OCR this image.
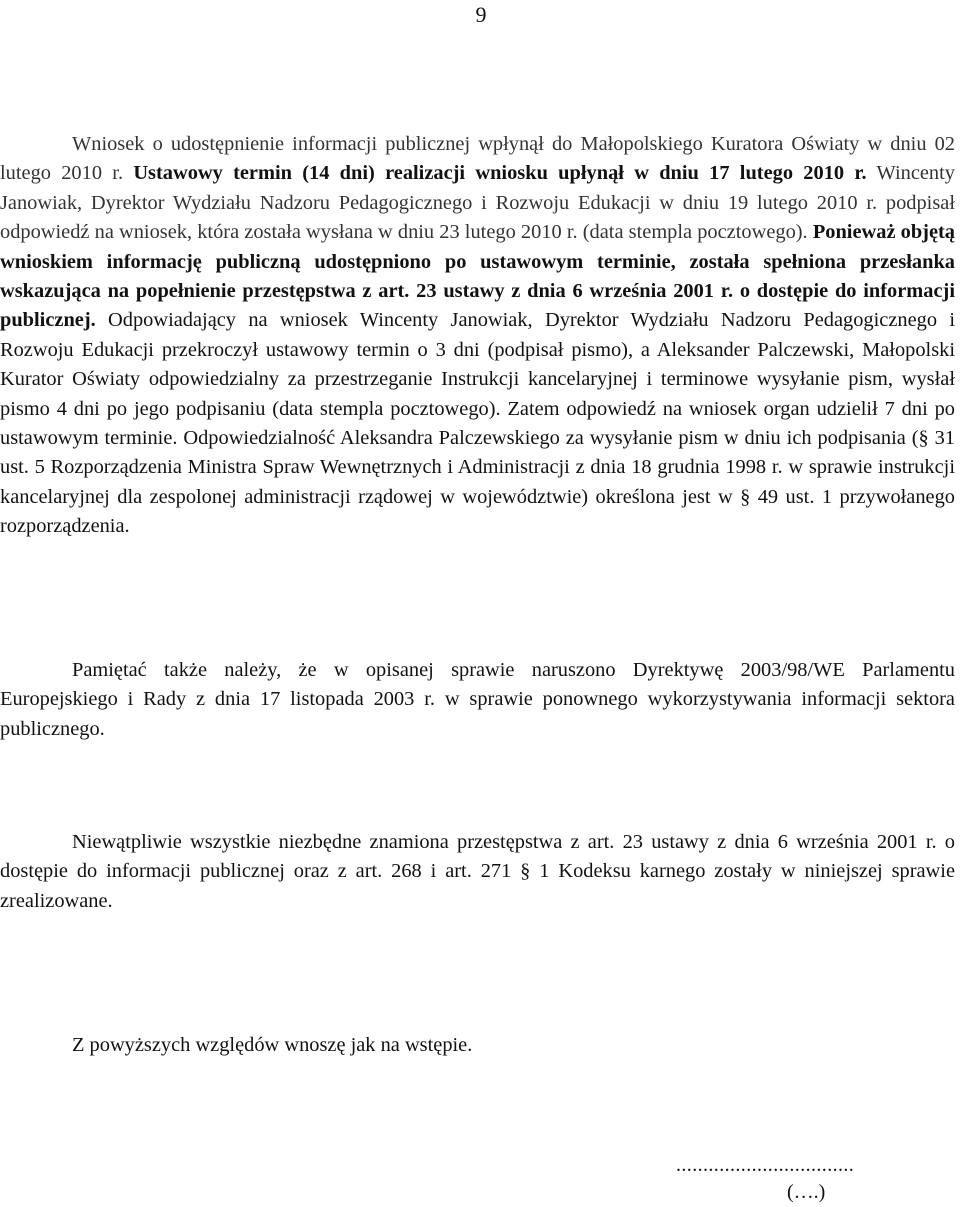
9

Wniosek o udostępnienie informacji publicznej wpłynął do Małopolskiego Kuratora Oświaty w dniu 02 lutego 2010 r. Ustawowy termin (14 dni) realizacji wniosku upłynął w dniu 17 lutego 2010 r. Wincenty Janowiak, Dyrektor Wydziału Nadzoru Pedagogicznego i Rozwoju Edukacji w dniu 19 lutego 2010 r. podpisał odpowiedź na wniosek, która została wysłana w dniu 23 lutego 2010 r. (data stempla pocztowego). Ponieważ objętą wnioskiem informację publiczną udostępniono po ustawowym terminie, została spełniona przesłanka wskazująca na popełnienie przestępstwa z art. 23 ustawy z dnia 6 września 2001 r. o dostępie do informacji publicznej. Odpowiadający na wniosek Wincenty Janowiak, Dyrektor Wydziału Nadzoru Pedagogicznego i Rozwoju Edukacji przekroczył ustawowy termin o 3 dni (podpisał pismo), a Aleksander Palczewski, Małopolski Kurator Oświaty odpowiedzialny za przestrzeganie Instrukcji kancelaryjnej i terminowe wysyłanie pism, wysłał pismo 4 dni po jego podpisaniu (data stempla pocztowego). Zatem odpowiedź na wniosek organ udzielił 7 dni po ustawowym terminie. Odpowiedzialność Aleksandra Palczewskiego za wysyłanie pism w dniu ich podpisania (§ 31 ust. 5 Rozporządzenia Ministra Spraw Wewnętrznych i Administracji z dnia 18 grudnia 1998 r. w sprawie instrukcji kancelaryjnej dla zespolonej administracji rządowej w województwie) określona jest w § 49 ust. 1 przywołanego rozporządzenia.

Pamiętać także należy, że w opisanej sprawie naruszono Dyrektywę 2003/98/WE Parlamentu Europejskiego i Rady z dnia 17 listopada 2003 r. w sprawie ponownego wykorzystywania informacji sektora publicznego.

Niewątpliwie wszystkie niezbędne znamiona przestępstwa z art. 23 ustawy z dnia 6 września 2001 r. o dostępie do informacji publicznej oraz z art. 268 i art. 271 § 1 Kodeksu karnego zostały w niniejszej sprawie zrealizowane.

Z powyższych względów wnoszę jak na wstępie.

.................................
(….)
